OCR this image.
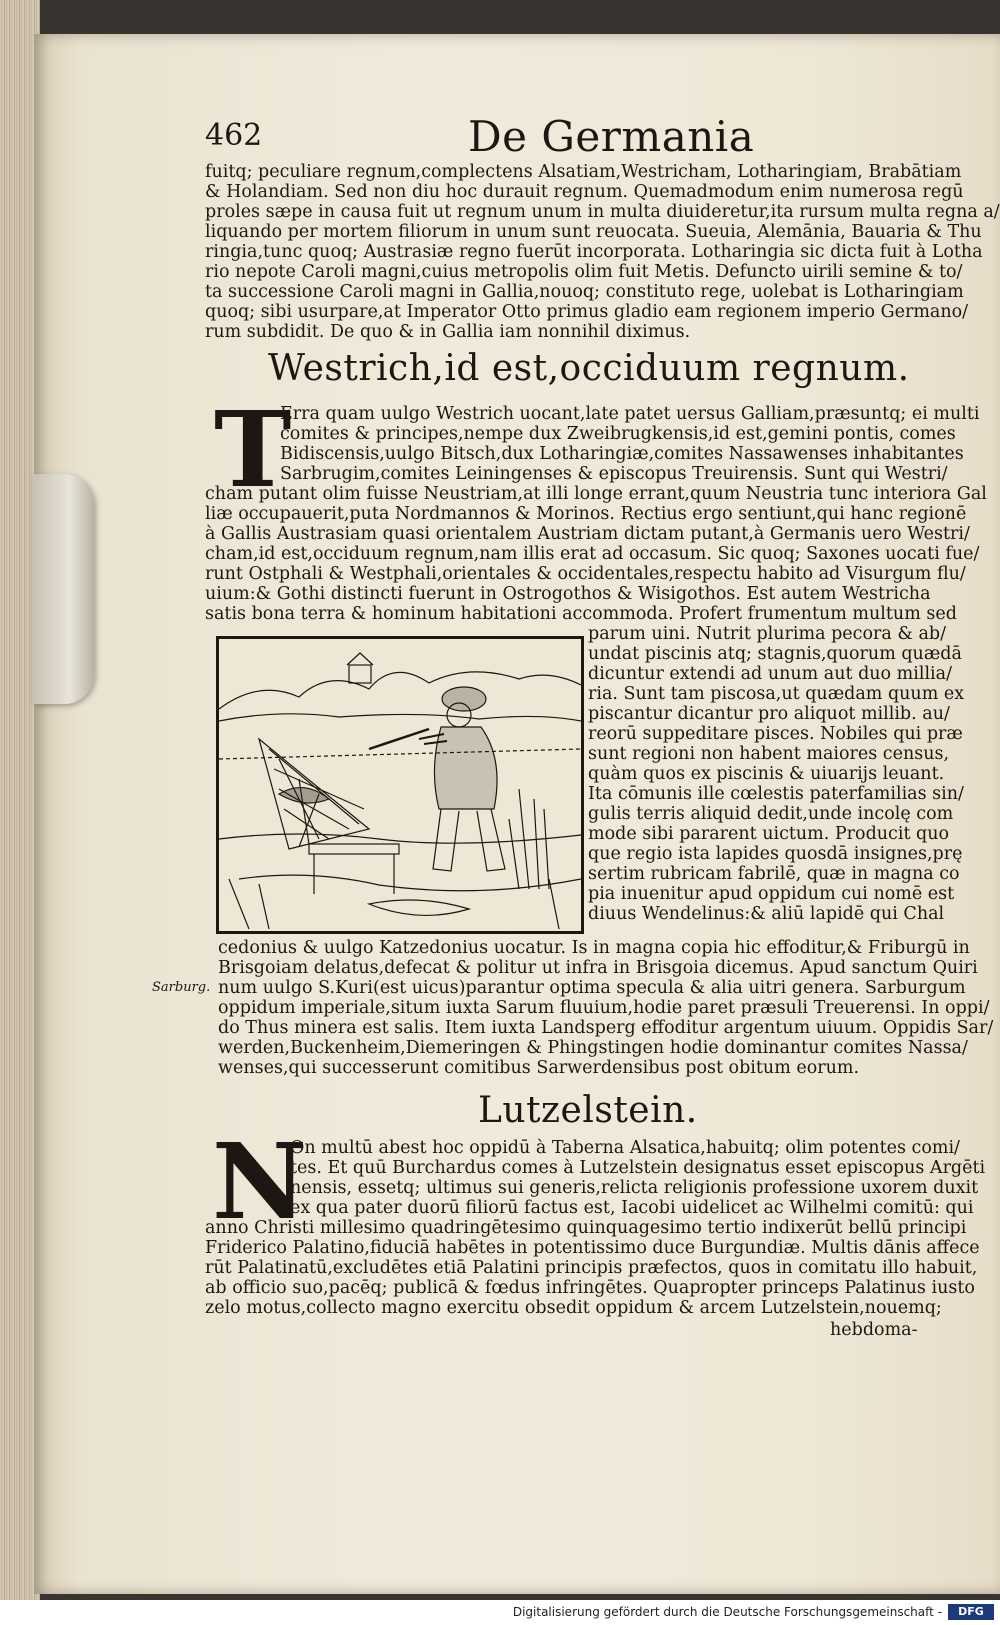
462	De Germania
fuitq; peculiare regnum,complectens Alsatiam,Westricham, Lotharingiam, Brabātiam
& Holandiam. Sed non diu hoc durauit regnum. Quemadmodum enim numerosa regū
proles sæpe in causa fuit ut regnum unum in multa diuideretur,ita rursum multa regna a/
liquando per mortem filiorum in unum sunt reuocata. Sueuia, Alemānia, Bauaria & Thu
ringia,tunc quoq; Austrasiæ regno fuerūt incorporata. Lotharingia sic dicta fuit à Lotha
rio nepote Caroli magni,cuius metropolis olim fuit Metis. Defuncto uirili semine & to/
ta successione Caroli magni in Gallia,nouoq; constituto rege, uolebat is Lotharingiam
quoq; sibi usurpare,at Imperator Otto primus gladio eam regionem imperio Germano/
rum subdidit. De quo & in Gallia iam nonnihil diximus.
Westrich,id est,occiduum regnum.
T
Erra quam uulgo Westrich uocant,late patet uersus Galliam,præsuntq; ei multi
comites & principes,nempe dux Zweibrugkensis,id est,gemini pontis, comes
Bidiscensis,uulgo Bitsch,dux Lotharingiæ,comites Nassawenses inhabitantes
Sarbrugim,comites Leiningenses & episcopus Treuirensis. Sunt qui Westri/
cham putant olim fuisse Neustriam,at illi longe errant,quum Neustria tunc interiora Gal
liæ occupauerit,puta Nordmannos & Morinos. Rectius ergo sentiunt,qui hanc regionē
à Gallis Austrasiam quasi orientalem Austriam dictam putant,à Germanis uero Westri/
cham,id est,occiduum regnum,nam illis erat ad occasum. Sic quoq; Saxones uocati fue/
runt Ostphali & Westphali,orientales & occidentales,respectu habito ad Visurgum flu/
uium:& Gothi distincti fuerunt in Ostrogothos & Wisigothos. Est autem Westricha
satis bona terra & hominum habitationi accommoda. Profert frumentum multum sed
parum uini. Nutrit plurima pecora & ab/
undat piscinis atq; stagnis,quorum quædā
dicuntur extendi ad unum aut duo millia/
ria. Sunt tam piscosa,ut quædam quum ex
piscantur dicantur pro aliquot millib. au/
reorū suppeditare pisces. Nobiles qui præ
sunt regioni non habent maiores census,
quàm quos ex piscinis & uiuarijs leuant.
Ita cōmunis ille cœlestis paterfamilias sin/
gulis terris aliquid dedit,unde incolę com
mode sibi pararent uictum. Producit quo
que regio ista lapides quosdā insignes,prę
sertim rubricam fabrilē, quæ in magna co
pia inuenitur apud oppidum cui nomē est
diuus Wendelinus:& aliū lapidē qui Chal
cedonius & uulgo Katzedonius uocatur. Is in magna copia hic effoditur,& Friburgū in
Brisgoiam delatus,defecat & politur ut infra in Brisgoia dicemus. Apud sanctum Quiri
num uulgo S.Kuri(est uicus)parantur optima specula & alia uitri genera. Sarburgum
oppidum imperiale,situm iuxta Sarum fluuium,hodie paret præsuli Treuerensi. In oppi/
do Thus minera est salis. Item iuxta Landsperg effoditur argentum uiuum. Oppidis Sar/
werden,Buckenheim,Diemeringen & Phingstingen hodie dominantur comites Nassa/
wenses,qui successerunt comitibus Sarwerdensibus post obitum eorum.
Sarburg.
Lutzelstein.
N
On multū abest hoc oppidū à Taberna Alsatica,habuitq; olim potentes comi/
tes. Et quū Burchardus comes à Lutzelstein designatus esset episcopus Argēti
nensis, essetq; ultimus sui generis,relicta religionis professione uxorem duxit
ex qua pater duorū filiorū factus est, Iacobi uidelicet ac Wilhelmi comitū: qui
anno Christi millesimo quadringētesimo quinquagesimo tertio indixerūt bellū principi
Friderico Palatino,fiduciā habētes in potentissimo duce Burgundiæ. Multis dānis affece
rūt Palatinatū,excludētes etiā Palatini principis præfectos, quos in comitatu illo habuit,
ab officio suo,pacēq; publicā & fœdus infringētes. Quapropter princeps Palatinus iusto
zelo motus,collecto magno exercitu obsedit oppidum & arcem Lutzelstein,nouemq;
hebdoma-
Digitalisierung gefördert durch die Deutsche Forschungsgemeinschaft -	DFG
